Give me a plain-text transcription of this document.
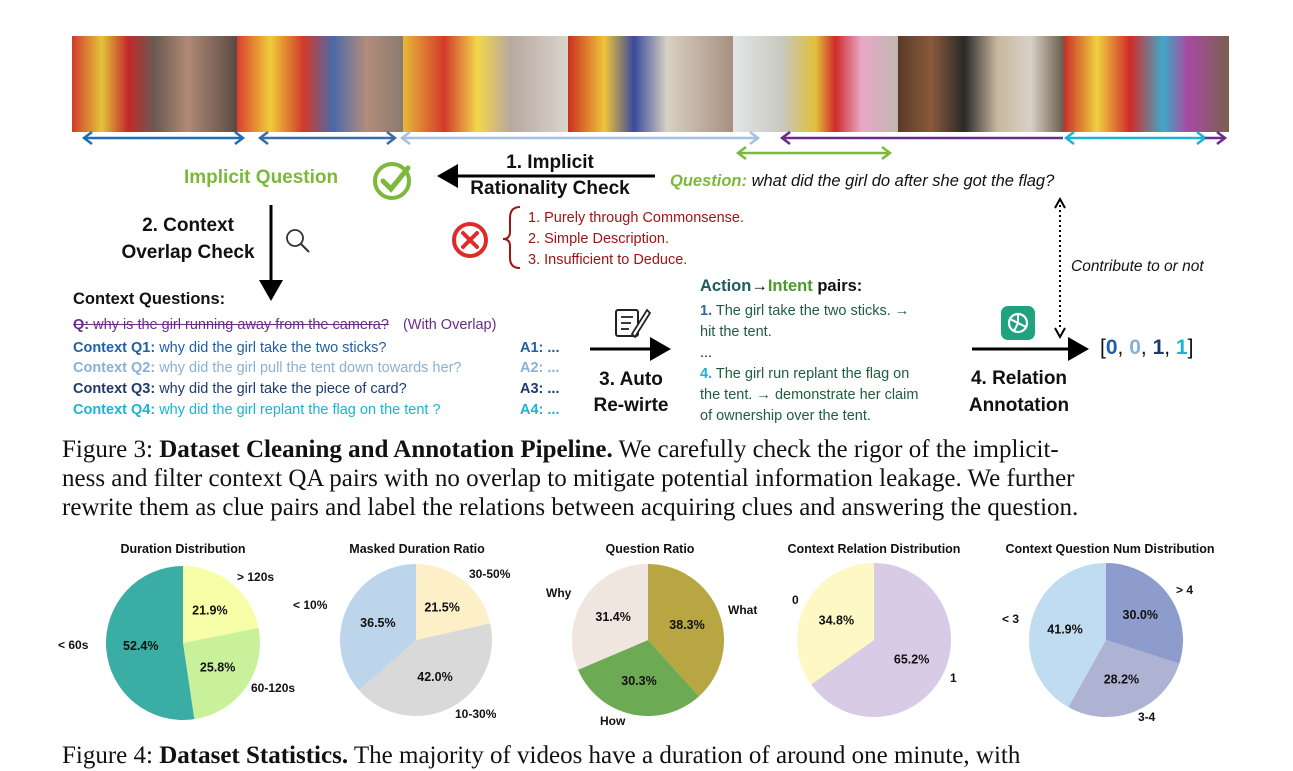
Implicit Question
1. Implicit
Rationality Check	Question: what did the girl do after she got the flag?
2. Context
Overlap Check
1. Purely through Commonsense.
2. Simple Description.
3. Insufficient to Deduce.	Contribute to or not
Context Questions:
Q: why is the girl running away from the camera? (With Overlap)
Context Q1: why did the girl take the two sticks?	A1: ...
Context Q2: why did the girl pull the tent down towards her?	A2: ...
Context Q3: why did the girl take the piece of card?	A3: ...
Context Q4: why did the girl replant the flag on the tent ?	A4: ...
3. Auto
Re-wirte
Action→Intent pairs:
1. The girl take the two sticks. →
hit the tent.
...
4. The girl run replant the flag on
the tent. → demonstrate her claim
of ownership over the tent.
4. Relation
Annotation
[0, 0, 1, 1]
Figure 3: Dataset Cleaning and Annotation Pipeline. We carefully check the rigor of the implicit-
ness and filter context QA pairs with no overlap to mitigate potential information leakage. We further
rewrite them as clue pairs and label the relations between acquiring clues and answering the question.
Duration Distribution	Masked Duration Ratio	Question Ratio	Context Relation Distribution	Context Question Num Distribution
21.9%
25.8%
52.4%
21.5%
42.0%
36.5%	38.3%
30.3%
31.4%
65.2%
34.8%	30.0%
28.2%
41.9%
< 60s
> 120s
60-120s
< 10%
30-50%
10-30%
Why
What
How
0
1
< 3
> 4
3-4
Figure 4: Dataset Statistics. The majority of videos have a duration of around one minute, with
